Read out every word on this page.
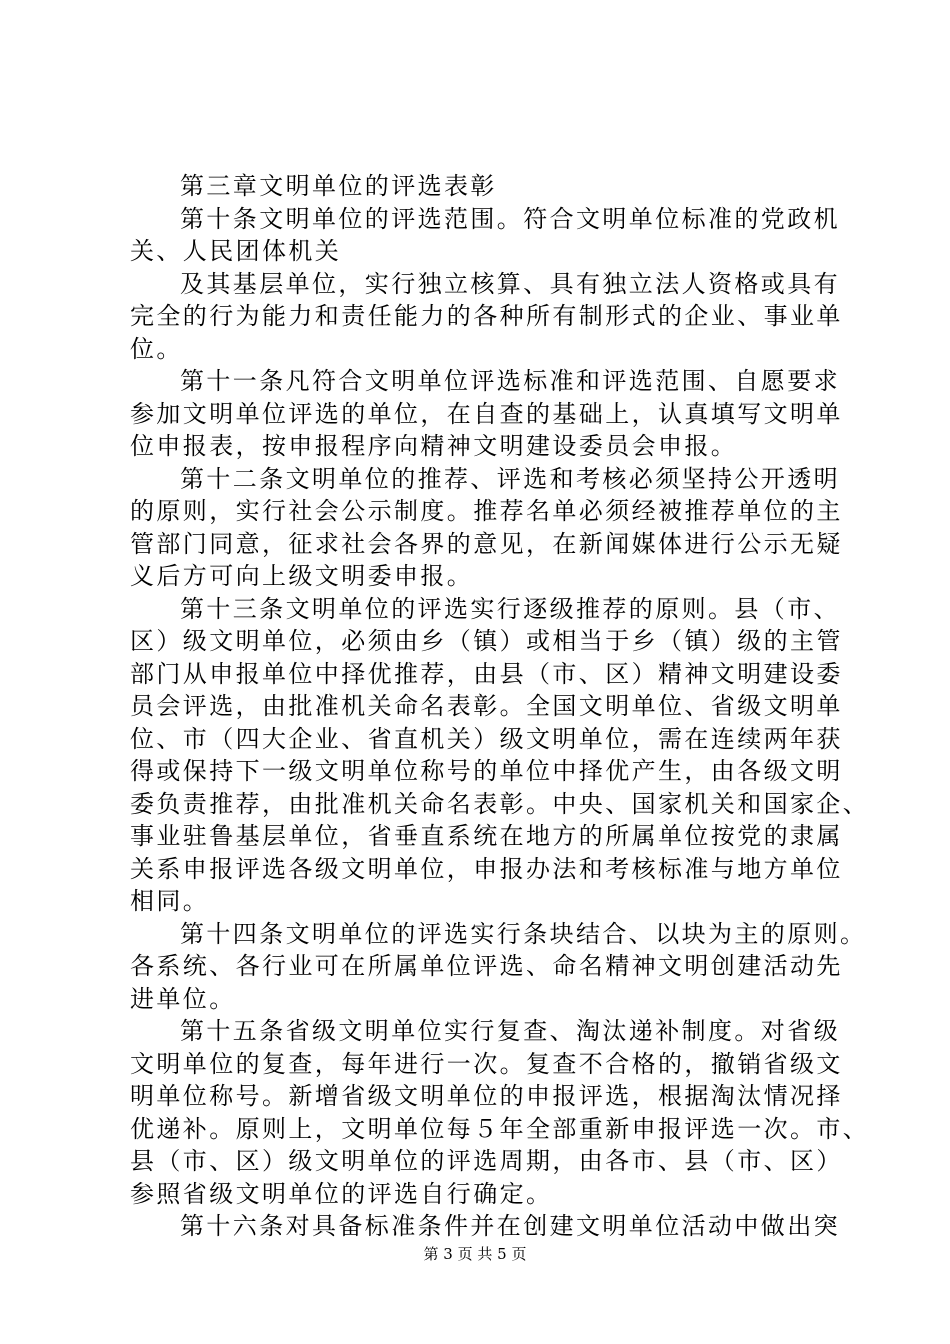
第三章文明单位的评选表彰

第十条文明单位的评选范围。符合文明单位标准的党政机

关、人民团体机关

及其基层单位，实行独立核算、具有独立法人资格或具有

完全的行为能力和责任能力的各种所有制形式的企业、事业单

位。

第十一条凡符合文明单位评选标准和评选范围、自愿要求

参加文明单位评选的单位，在自查的基础上，认真填写文明单

位申报表，按申报程序向精神文明建设委员会申报。

第十二条文明单位的推荐、评选和考核必须坚持公开透明

的原则，实行社会公示制度。推荐名单必须经被推荐单位的主

管部门同意，征求社会各界的意见，在新闻媒体进行公示无疑

义后方可向上级文明委申报。

第十三条文明单位的评选实行逐级推荐的原则。县（市、

区）级文明单位，必须由乡（镇）或相当于乡（镇）级的主管

部门从申报单位中择优推荐，由县（市、区）精神文明建设委

员会评选，由批准机关命名表彰。全国文明单位、省级文明单

位、市（四大企业、省直机关）级文明单位，需在连续两年获

得或保持下一级文明单位称号的单位中择优产生，由各级文明

委负责推荐，由批准机关命名表彰。中央、国家机关和国家企、

事业驻鲁基层单位，省垂直系统在地方的所属单位按党的隶属

关系申报评选各级文明单位，申报办法和考核标准与地方单位

相同。

第十四条文明单位的评选实行条块结合、以块为主的原则。

各系统、各行业可在所属单位评选、命名精神文明创建活动先

进单位。

第十五条省级文明单位实行复查、淘汰递补制度。对省级

文明单位的复查，每年进行一次。复查不合格的，撤销省级文

明单位称号。新增省级文明单位的申报评选，根据淘汰情况择

优递补。原则上，文明单位每５年全部重新申报评选一次。市、

县（市、区）级文明单位的评选周期，由各市、县（市、区）

参照省级文明单位的评选自行确定。

第十六条对具备标准条件并在创建文明单位活动中做出突

第 3 页 共 5 页
